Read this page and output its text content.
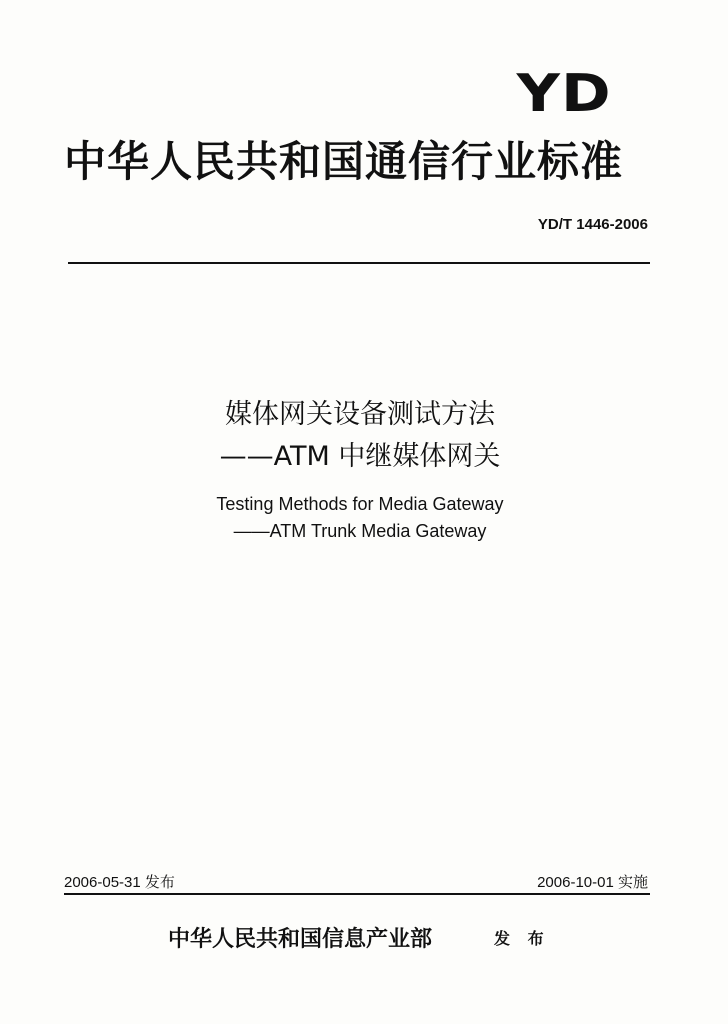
YD
中华人民共和国通信行业标准
YD/T 1446-2006
媒体网关设备测试方法
——ATM 中继媒体网关
Testing Methods for Media Gateway
——ATM Trunk Media Gateway
2006-05-31 发布	2006-10-01 实施
中华人民共和国信息产业部	发 布
